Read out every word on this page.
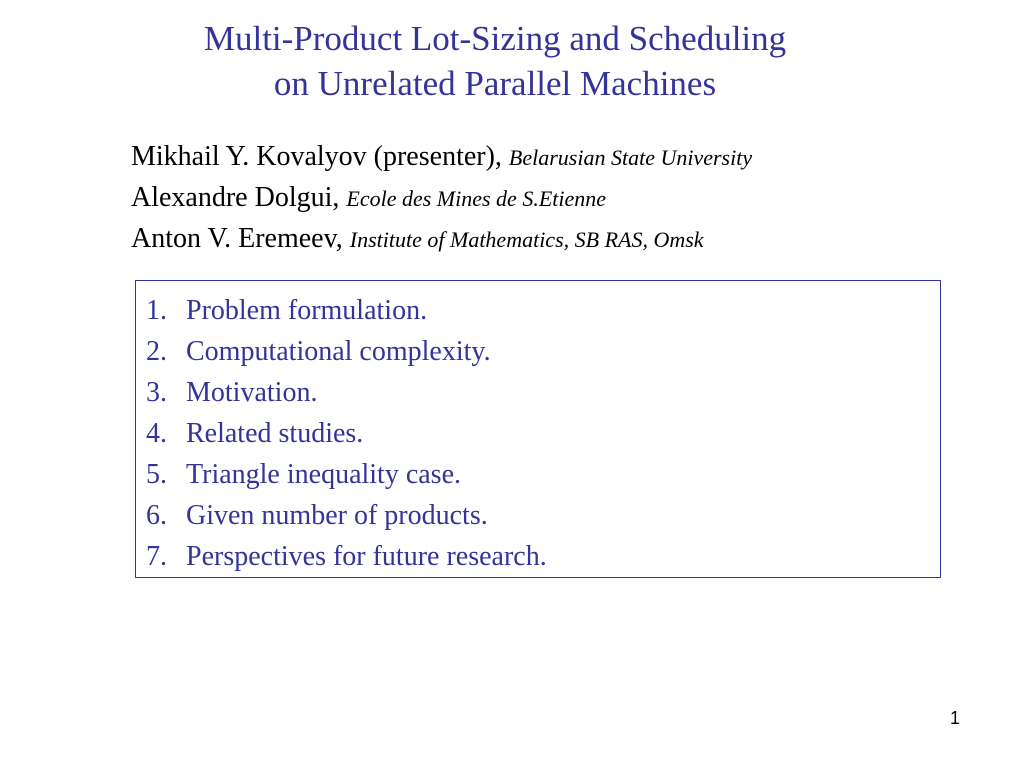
Multi-Product Lot-Sizing and Scheduling
on Unrelated Parallel Machines
Mikhail Y. Kovalyov (presenter), Belarusian State University
Alexandre Dolgui, Ecole des Mines de S.Etienne
Anton V. Eremeev, Institute of Mathematics, SB RAS, Omsk
1. Problem formulation.
2. Computational complexity.
3. Motivation.
4. Related studies.
5. Triangle inequality case.
6. Given number of products.
7. Perspectives for future research.
1
